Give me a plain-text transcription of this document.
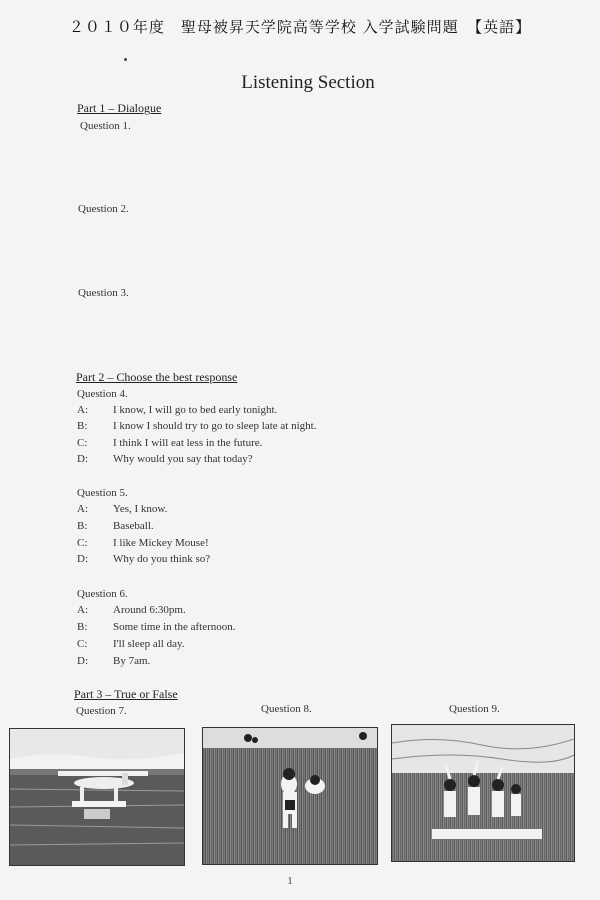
２０１０年度　聖母被昇天学院高等学校 入学試験問題　【英語】
Listening Section
Part 1 – Dialogue
Question 1.
Question 2.
Question 3.
Part 2 – Choose the best response
Question 4.
A: I know, I will go to bed early tonight.
B: I know I should try to go to sleep late at night.
C: I think I will eat less in the future.
D: Why would you say that today?
Question 5.
A: Yes, I know.
B: Baseball.
C: I like Mickey Mouse!
D: Why do you think so?
Question 6.
A: Around 6:30pm.
B: Some time in the afternoon.
C: I'll sleep all day.
D: By 7am.
Part 3 – True or False
Question 7.	Question 8.	Question 9.
1
